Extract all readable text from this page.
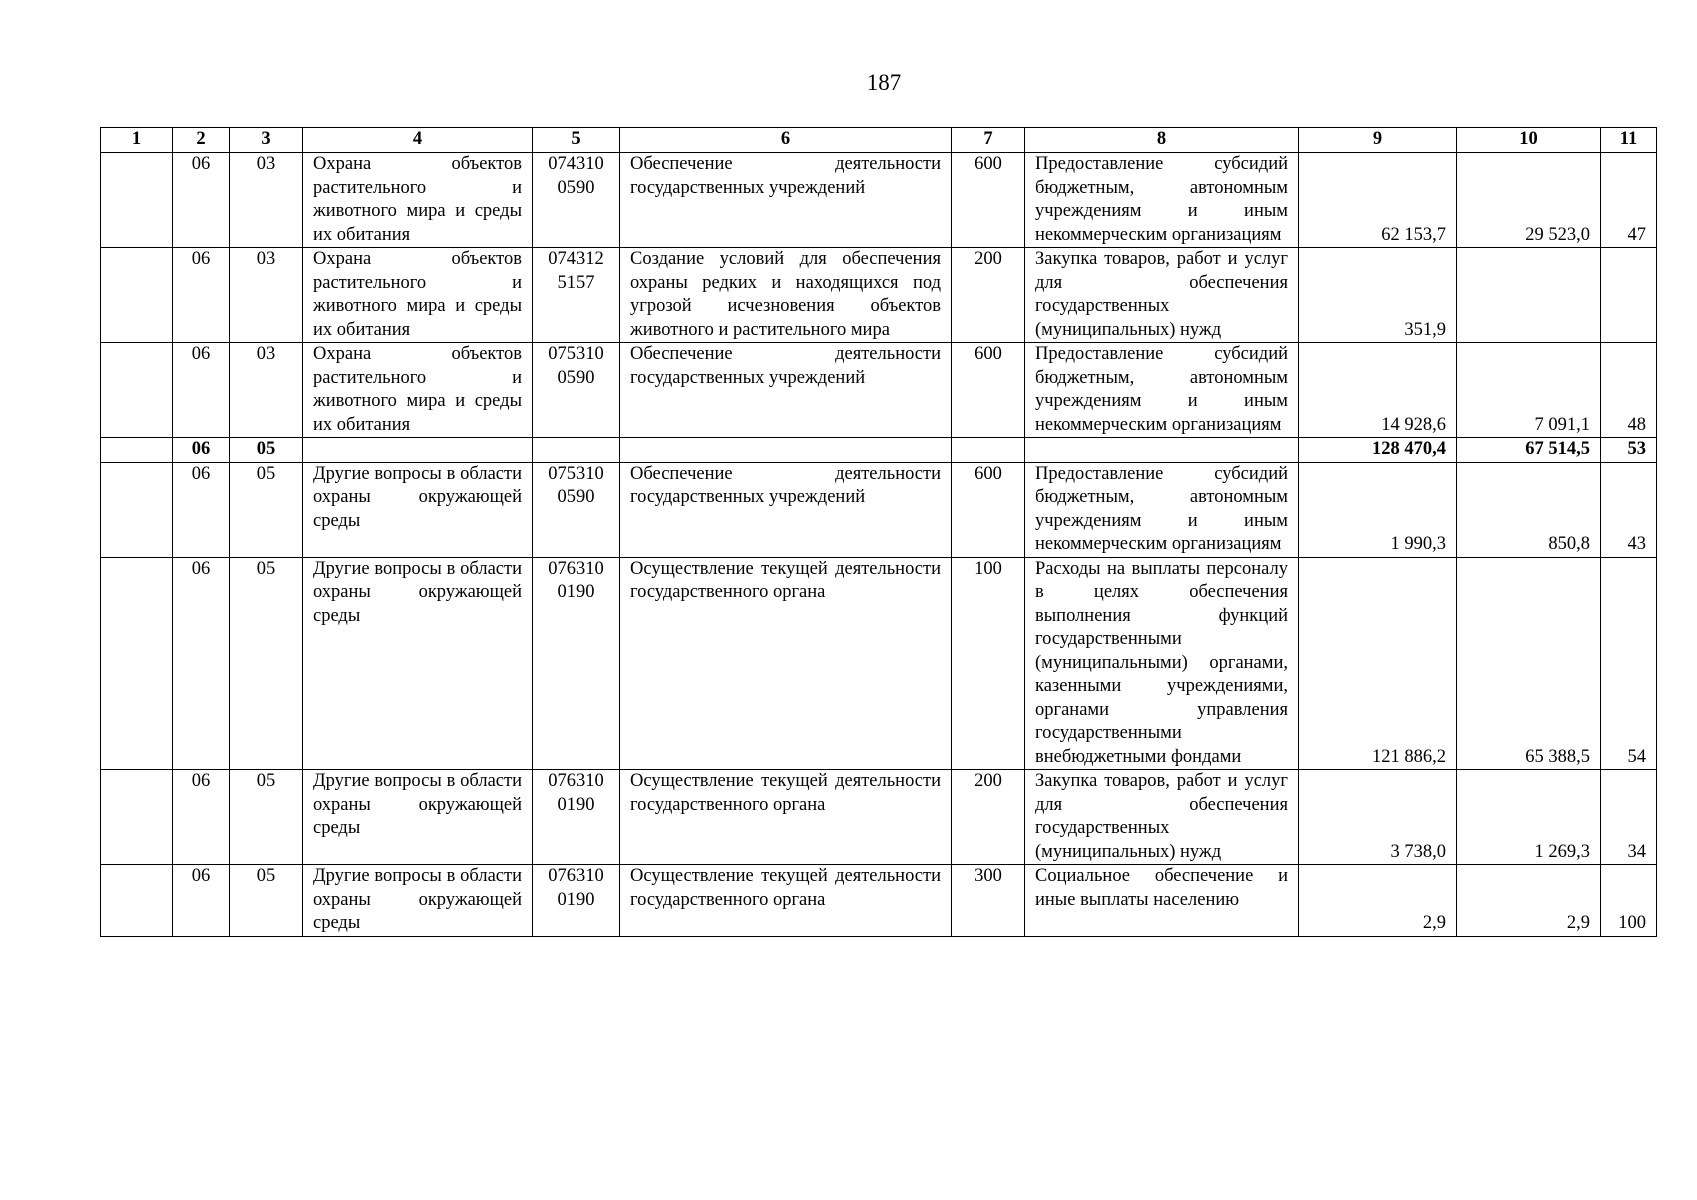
187
1	2	3	4	5	6	7	8	9	10	11
	06	03	Охрана объектов растительного и животного мира и среды их обитания	074310 0590	Обеспечение деятельности государственных учреждений	600	Предоставление субсидий бюджетным, автономным учреждениям и иным некоммерческим организациям	62 153,7	29 523,0	47
	06	03	Охрана объектов растительного и животного мира и среды их обитания	074312 5157	Создание условий для обеспечения охраны редких и находящихся под угрозой исчезновения объектов животного и растительного мира	200	Закупка товаров, работ и услуг для обеспечения государственных (муниципальных) нужд	351,9		
	06	03	Охрана объектов растительного и животного мира и среды их обитания	075310 0590	Обеспечение деятельности государственных учреждений	600	Предоставление субсидий бюджетным, автономным учреждениям и иным некоммерческим организациям	14 928,6	7 091,1	48
	06	05						128 470,4	67 514,5	53
	06	05	Другие вопросы в области охраны окружающей среды	075310 0590	Обеспечение деятельности государственных учреждений	600	Предоставление субсидий бюджетным, автономным учреждениям и иным некоммерческим организациям	1 990,3	850,8	43
	06	05	Другие вопросы в области охраны окружающей среды	076310 0190	Осуществление текущей деятельности государственного органа	100	Расходы на выплаты персоналу в целях обеспечения выполнения функций государственными (муниципальными) органами, казенными учреждениями, органами управления государственными внебюджетными фондами	121 886,2	65 388,5	54
	06	05	Другие вопросы в области охраны окружающей среды	076310 0190	Осуществление текущей деятельности государственного органа	200	Закупка товаров, работ и услуг для обеспечения государственных (муниципальных) нужд	3 738,0	1 269,3	34
	06	05	Другие вопросы в области охраны окружающей среды	076310 0190	Осуществление текущей деятельности государственного органа	300	Социальное обеспечение и иные выплаты населению	2,9	2,9	100
